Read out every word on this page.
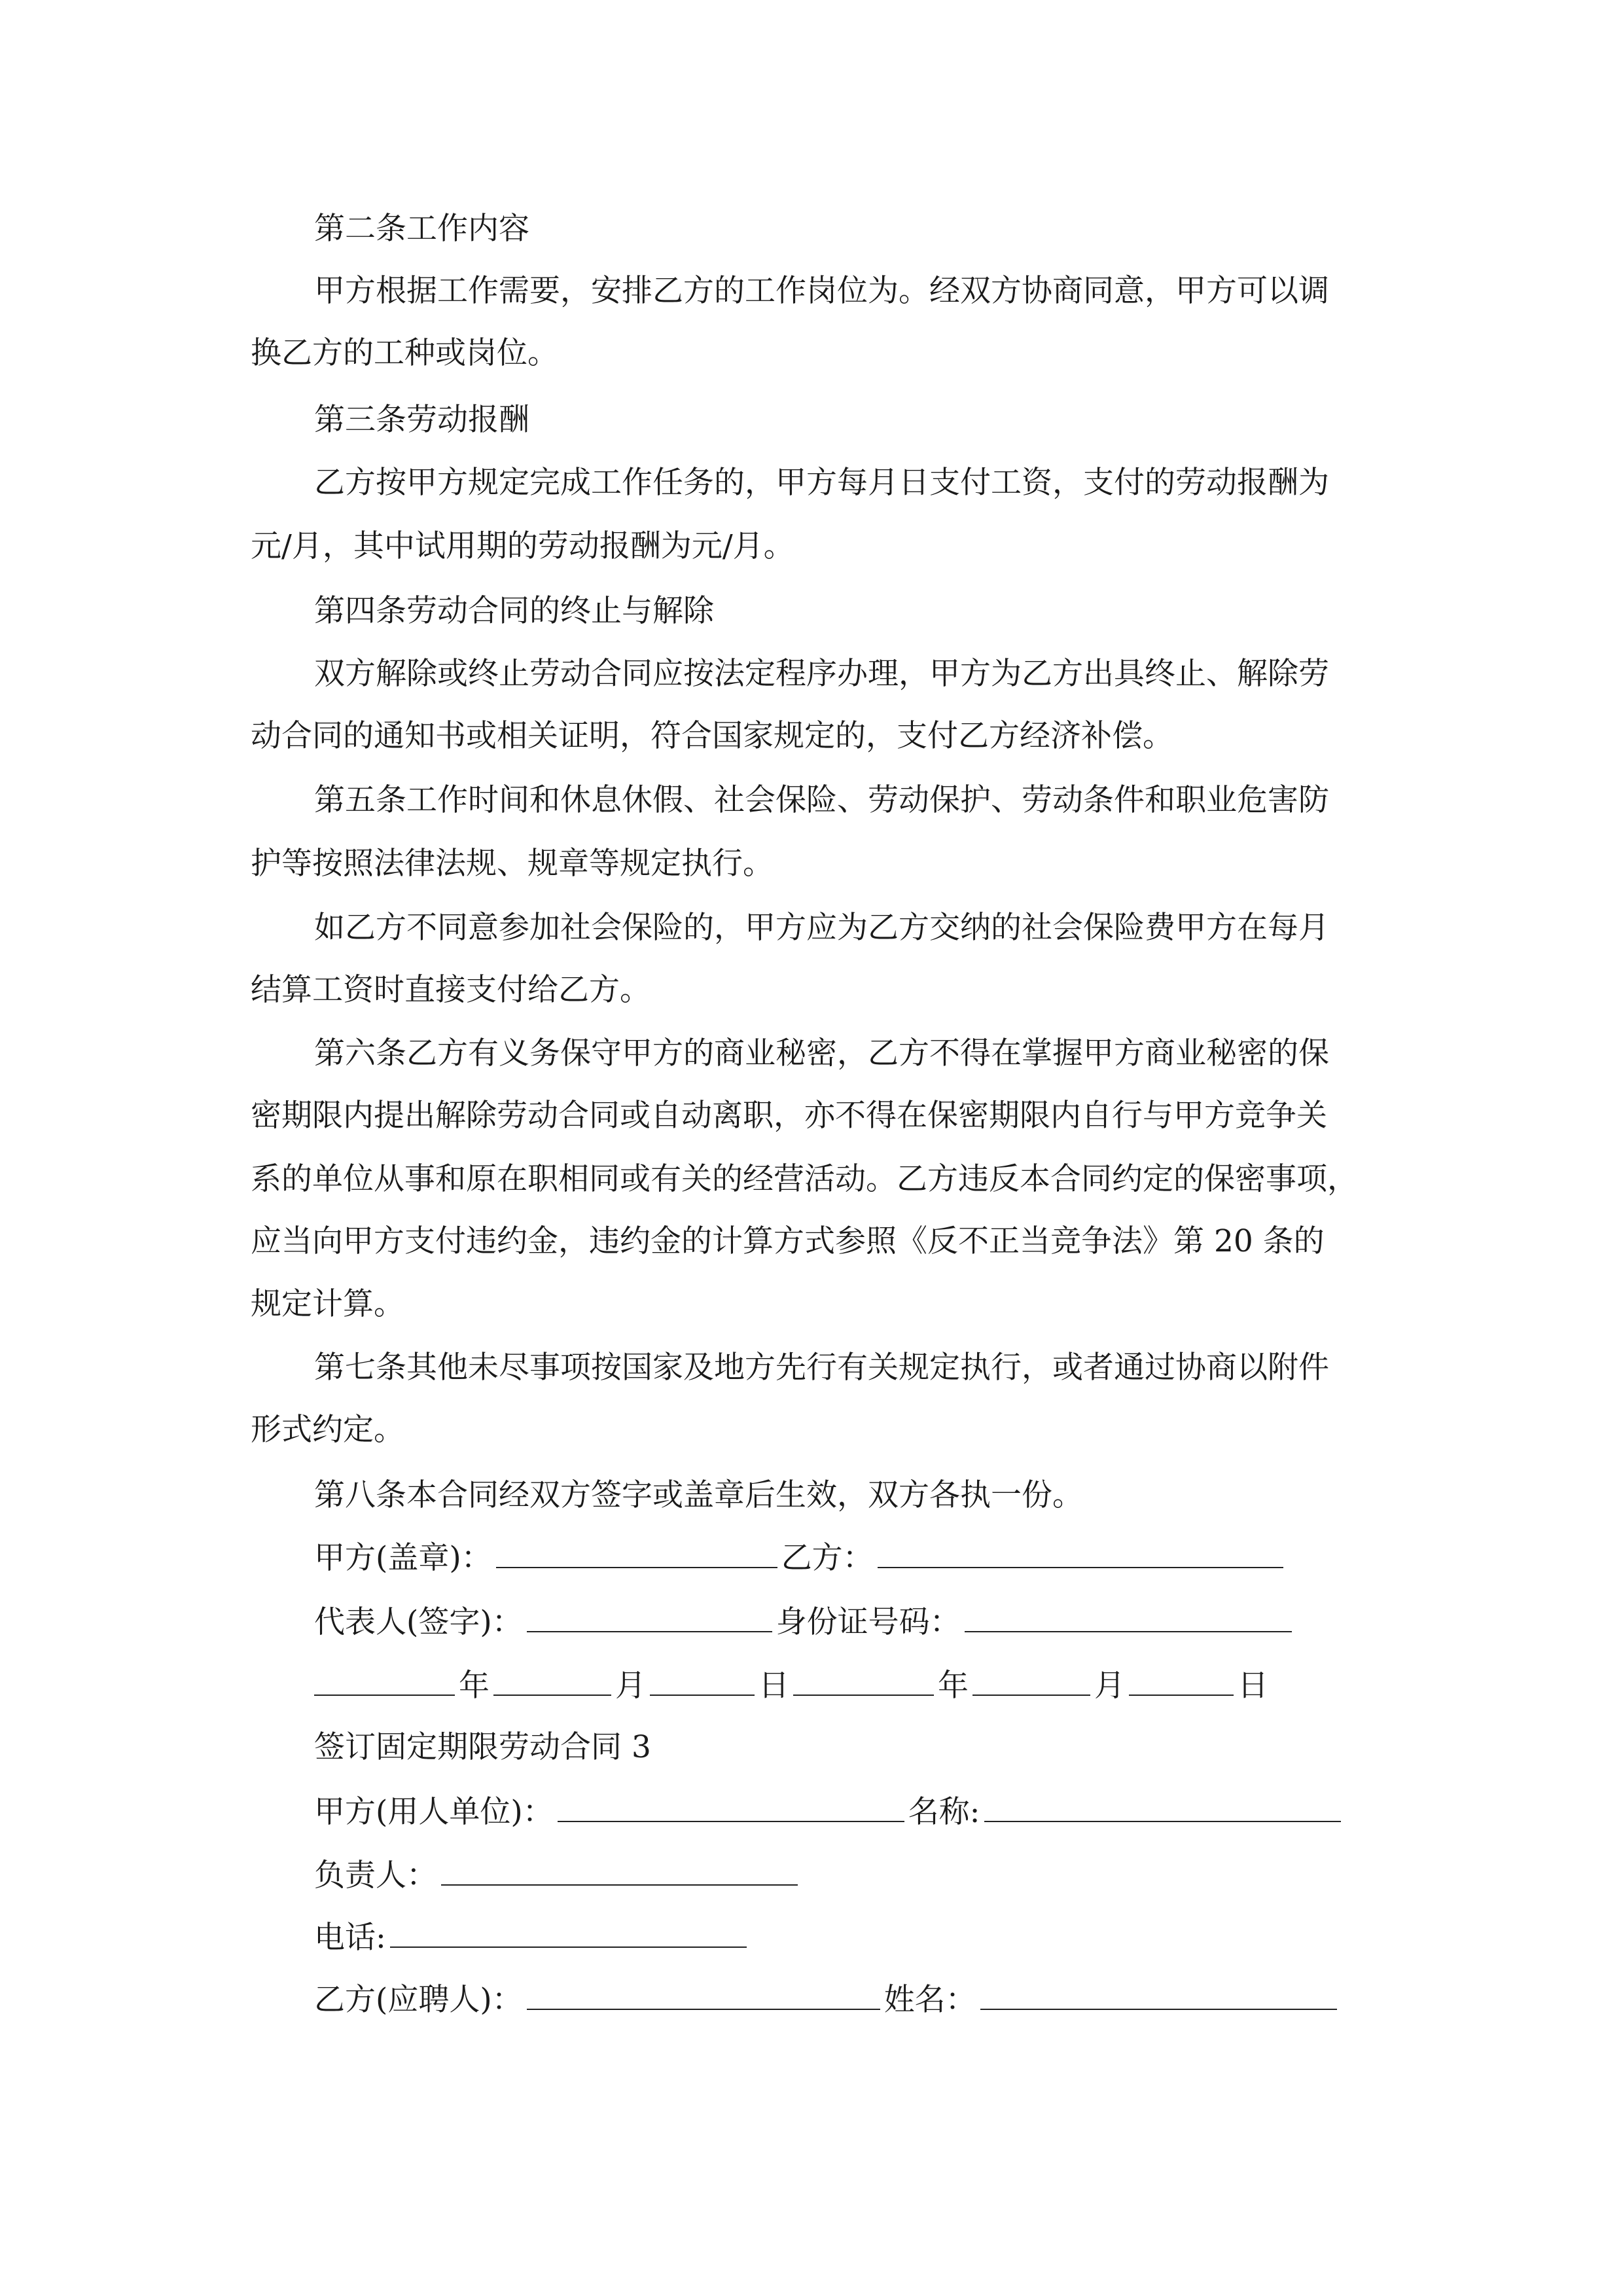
第二条工作内容
甲方根据工作需要，安排乙方的工作岗位为。经双方协商同意，甲方可以调
换乙方的工种或岗位。
第三条劳动报酬
乙方按甲方规定完成工作任务的，甲方每月日支付工资，支付的劳动报酬为
元/月，其中试用期的劳动报酬为元/月。
第四条劳动合同的终止与解除
双方解除或终止劳动合同应按法定程序办理，甲方为乙方出具终止、解除劳
动合同的通知书或相关证明，符合国家规定的，支付乙方经济补偿。
第五条工作时间和休息休假、社会保险、劳动保护、劳动条件和职业危害防
护等按照法律法规、规章等规定执行。
如乙方不同意参加社会保险的，甲方应为乙方交纳的社会保险费甲方在每月
结算工资时直接支付给乙方。
第六条乙方有义务保守甲方的商业秘密，乙方不得在掌握甲方商业秘密的保
密期限内提出解除劳动合同或自动离职，亦不得在保密期限内自行与甲方竞争关
系的单位从事和原在职相同或有关的经营活动。乙方违反本合同约定的保密事项，
应当向甲方支付违约金，违约金的计算方式参照《反不正当竞争法》第 20 条的
规定计算。
第七条其他未尽事项按国家及地方先行有关规定执行，或者通过协商以附件
形式约定。
第八条本合同经双方签字或盖章后生效，双方各执一份。
甲方(盖章)：	乙方：
代表人(签字)：	身份证号码：
年	月	日	年	月	日
签订固定期限劳动合同 3
甲方(用人单位)：	名称:
负责人：
电话:
乙方(应聘人)：	姓名：
